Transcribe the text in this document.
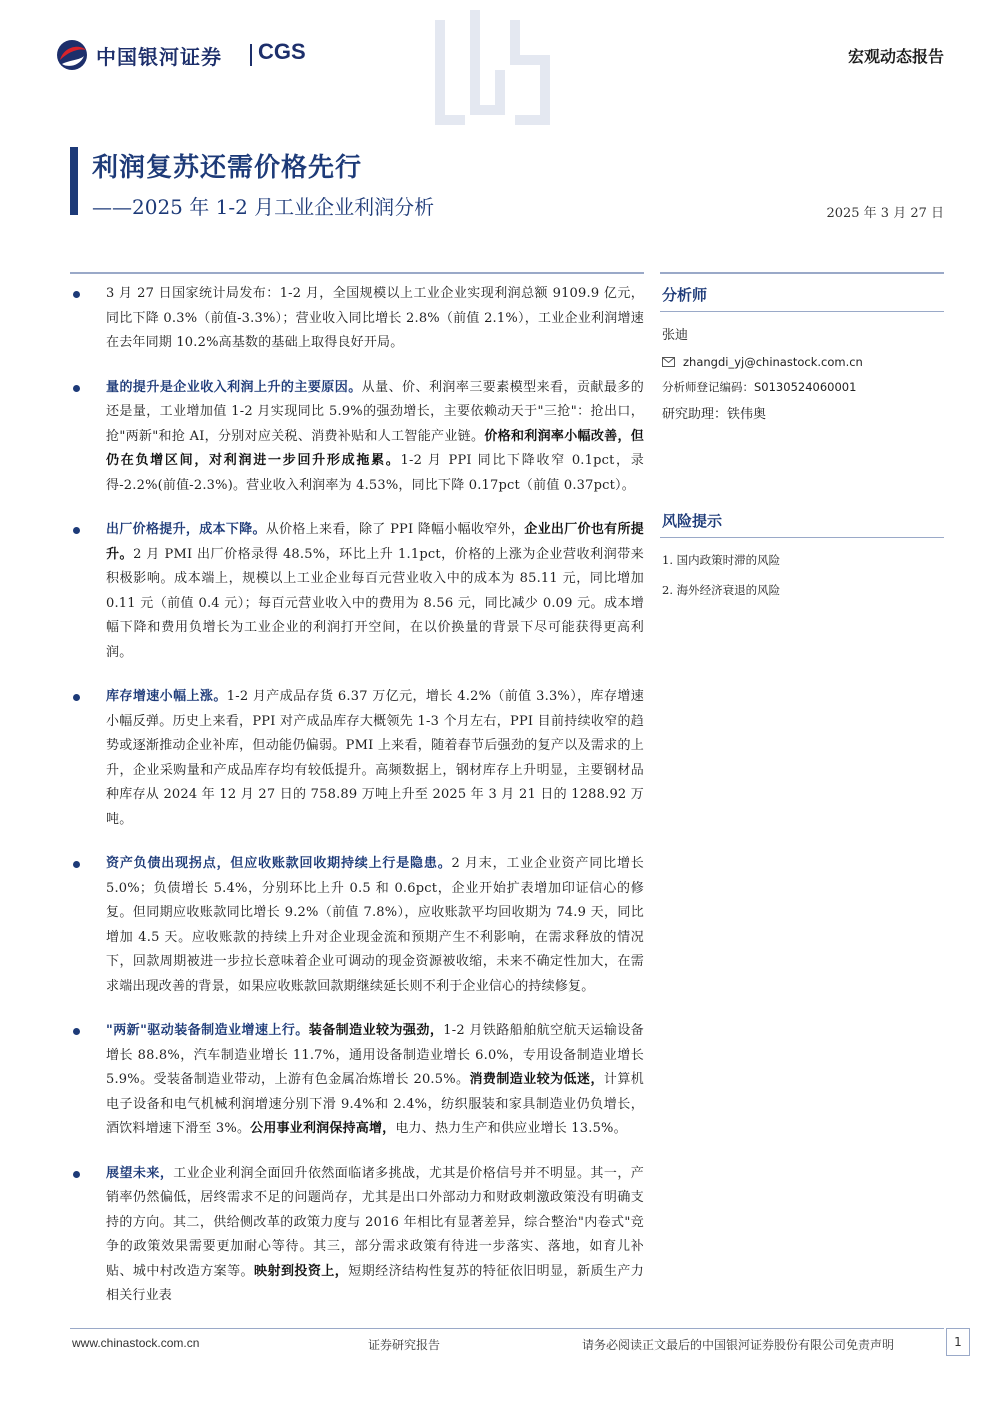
中国银河证券 CGS	宏观动态报告
利润复苏还需价格先行
——2025 年 1-2 月工业企业利润分析	2025 年 3 月 27 日
3 月 27 日国家统计局发布：1-2 月，全国规模以上工业企业实现利润总额 9109.9 亿元，同比下降 0.3%（前值-3.3%）；营业收入同比增长 2.8%（前值 2.1%），工业企业利润增速在去年同期 10.2%高基数的基础上取得良好开局。
量的提升是企业收入利润上升的主要原因。从量、价、利润率三要素模型来看，贡献最多的还是量，工业增加值 1-2 月实现同比 5.9%的强劲增长，主要依赖动天于"三抢"：抢出口，抢"两新"和抢 AI，分别对应关税、消费补贴和人工智能产业链。价格和利润率小幅改善，但仍在负增区间，对利润进一步回升形成拖累。1-2 月 PPI 同比下降收窄 0.1pct，录得-2.2%(前值-2.3%)。营业收入利润率为 4.53%，同比下降 0.17pct（前值 0.37pct）。
出厂价格提升，成本下降。从价格上来看，除了 PPI 降幅小幅收窄外，企业出厂价也有所提升。2 月 PMI 出厂价格录得 48.5%，环比上升 1.1pct，价格的上涨为企业营收利润带来积极影响。成本端上，规模以上工业企业每百元营业收入中的成本为 85.11 元，同比增加 0.11 元（前值 0.4 元）；每百元营业收入中的费用为 8.56 元，同比减少 0.09 元。成本增幅下降和费用负增长为工业企业的利润打开空间，在以价换量的背景下尽可能获得更高利润。
库存增速小幅上涨。1-2 月产成品存货 6.37 万亿元，增长 4.2%（前值 3.3%），库存增速小幅反弹。历史上来看，PPI 对产成品库存大概领先 1-3 个月左右，PPI 目前持续收窄的趋势或逐渐推动企业补库，但动能仍偏弱。PMI 上来看，随着春节后强劲的复产以及需求的上升，企业采购量和产成品库存均有较低提升。高频数据上，钢材库存上升明显，主要钢材品种库存从 2024 年 12 月 27 日的 758.89 万吨上升至 2025 年 3 月 21 日的 1288.92 万吨。
资产负债出现拐点，但应收账款回收期持续上行是隐患。2 月末，工业企业资产同比增长 5.0%；负债增长 5.4%，分别环比上升 0.5 和 0.6pct，企业开始扩表增加印证信心的修复。但同期应收账款同比增长 9.2%（前值 7.8%），应收账款平均回收期为 74.9 天，同比增加 4.5 天。应收账款的持续上升对企业现金流和预期产生不利影响，在需求释放的情况下，回款周期被进一步拉长意味着企业可调动的现金资源被收缩，未来不确定性加大，在需求端出现改善的背景，如果应收账款回款期继续延长则不利于企业信心的持续修复。
"两新"驱动装备制造业增速上行。装备制造业较为强劲，1-2 月铁路船舶航空航天运输设备增长 88.8%，汽车制造业增长 11.7%，通用设备制造业增长 6.0%，专用设备制造业增长 5.9%。受装备制造业带动，上游有色金属冶炼增长 20.5%。消费制造业较为低迷，计算机电子设备和电气机械利润增速分别下滑 9.4%和 2.4%，纺织服装和家具制造业仍负增长，酒饮料增速下滑至 3%。公用事业利润保持高增，电力、热力生产和供应业增长 13.5%。
展望未来，工业企业利润全面回升依然面临诸多挑战，尤其是价格信号并不明显。其一，产销率仍然偏低，居终需求不足的问题尚存，尤其是出口外部动力和财政刺激政策没有明确支持的方向。其二，供给侧改革的政策力度与 2016 年相比有显著差异，综合整治"内卷式"竞争的政策效果需要更加耐心等待。其三，部分需求政策有待进一步落实、落地，如育儿补贴、城中村改造方案等。映射到投资上，短期经济结构性复苏的特征依旧明显，新质生产力相关行业表
分析师
张迪
zhangdi_yj@chinastock.com.cn
分析师登记编码：S0130524060001
研究助理：铁伟奥
风险提示
1. 国内政策时滞的风险
2. 海外经济衰退的风险
www.chinastock.com.cn	证券研究报告	请务必阅读正文最后的中国银河证券股份有限公司免责声明	1
